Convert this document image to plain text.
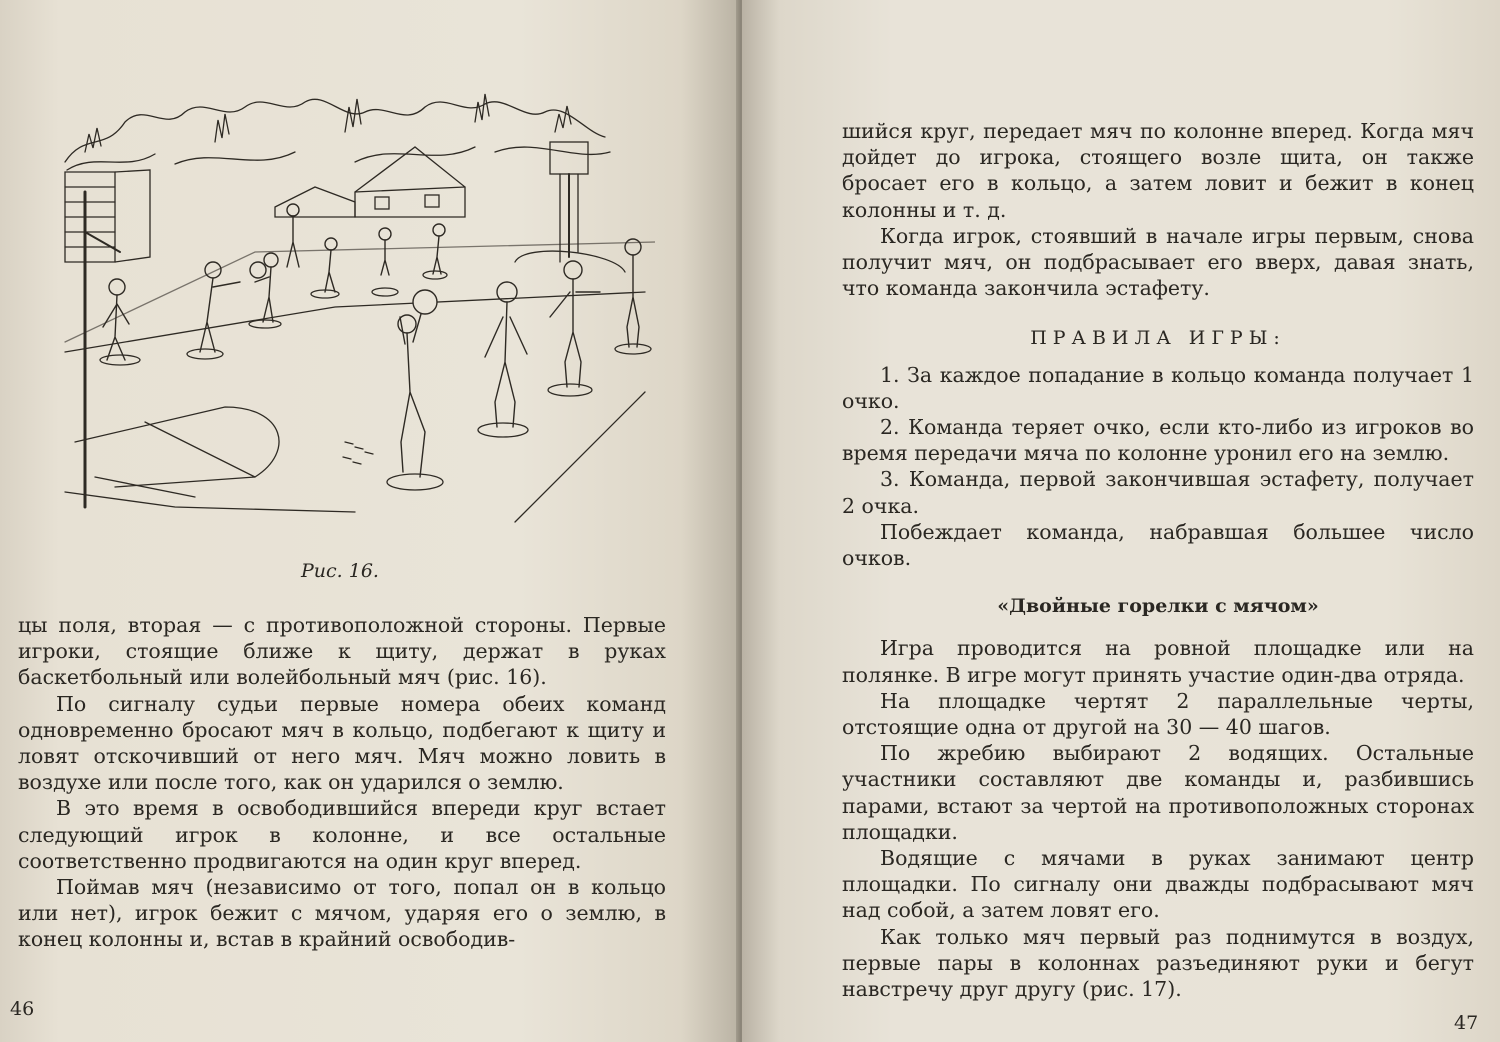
Рис. 16.

цы поля, вторая — с противоположной стороны. Первые игроки, стоящие ближе к щиту, держат в руках баскетбольный или волейбольный мяч (рис. 16).

По сигналу судьи первые номера обеих команд одновременно бросают мяч в кольцо, подбегают к щиту и ловят отскочивший от него мяч. Мяч можно ловить в воздухе или после того, как он ударился о землю.

В это время в освободившийся впереди круг встает следующий игрок в колонне, и все остальные соответственно продвигаются на один круг вперед.

Поймав мяч (независимо от того, попал он в кольцо или нет), игрок бежит с мячом, ударяя его о землю, в конец колонны и, встав в крайний освободив-

46

шийся круг, передает мяч по колонне вперед. Когда мяч дойдет до игрока, стоящего возле щита, он также бросает его в кольцо, а затем ловит и бежит в конец колонны и т. д.

Когда игрок, стоявший в начале игры первым, снова получит мяч, он подбрасывает его вверх, давая знать, что команда закончила эстафету.

ПРАВИЛА ИГРЫ:

1. За каждое попадание в кольцо команда получает 1 очко.

2. Команда теряет очко, если кто-либо из игроков во время передачи мяча по колонне уронил его на землю.

3. Команда, первой закончившая эстафету, получает 2 очка.

Побеждает команда, набравшая большее число очков.

«Двойные горелки с мячом»

Игра проводится на ровной площадке или на полянке. В игре могут принять участие один-два отряда.

На площадке чертят 2 параллельные черты, отстоящие одна от другой на 30 — 40 шагов.

По жребию выбирают 2 водящих. Остальные участники составляют две команды и, разбившись парами, встают за чертой на противоположных сторонах площадки.

Водящие с мячами в руках занимают центр площадки. По сигналу они дважды подбрасывают мяч над собой, а затем ловят его.

Как только мяч первый раз поднимутся в воздух, первые пары в колоннах разъединяют руки и бегут навстречу друг другу (рис. 17).

47
